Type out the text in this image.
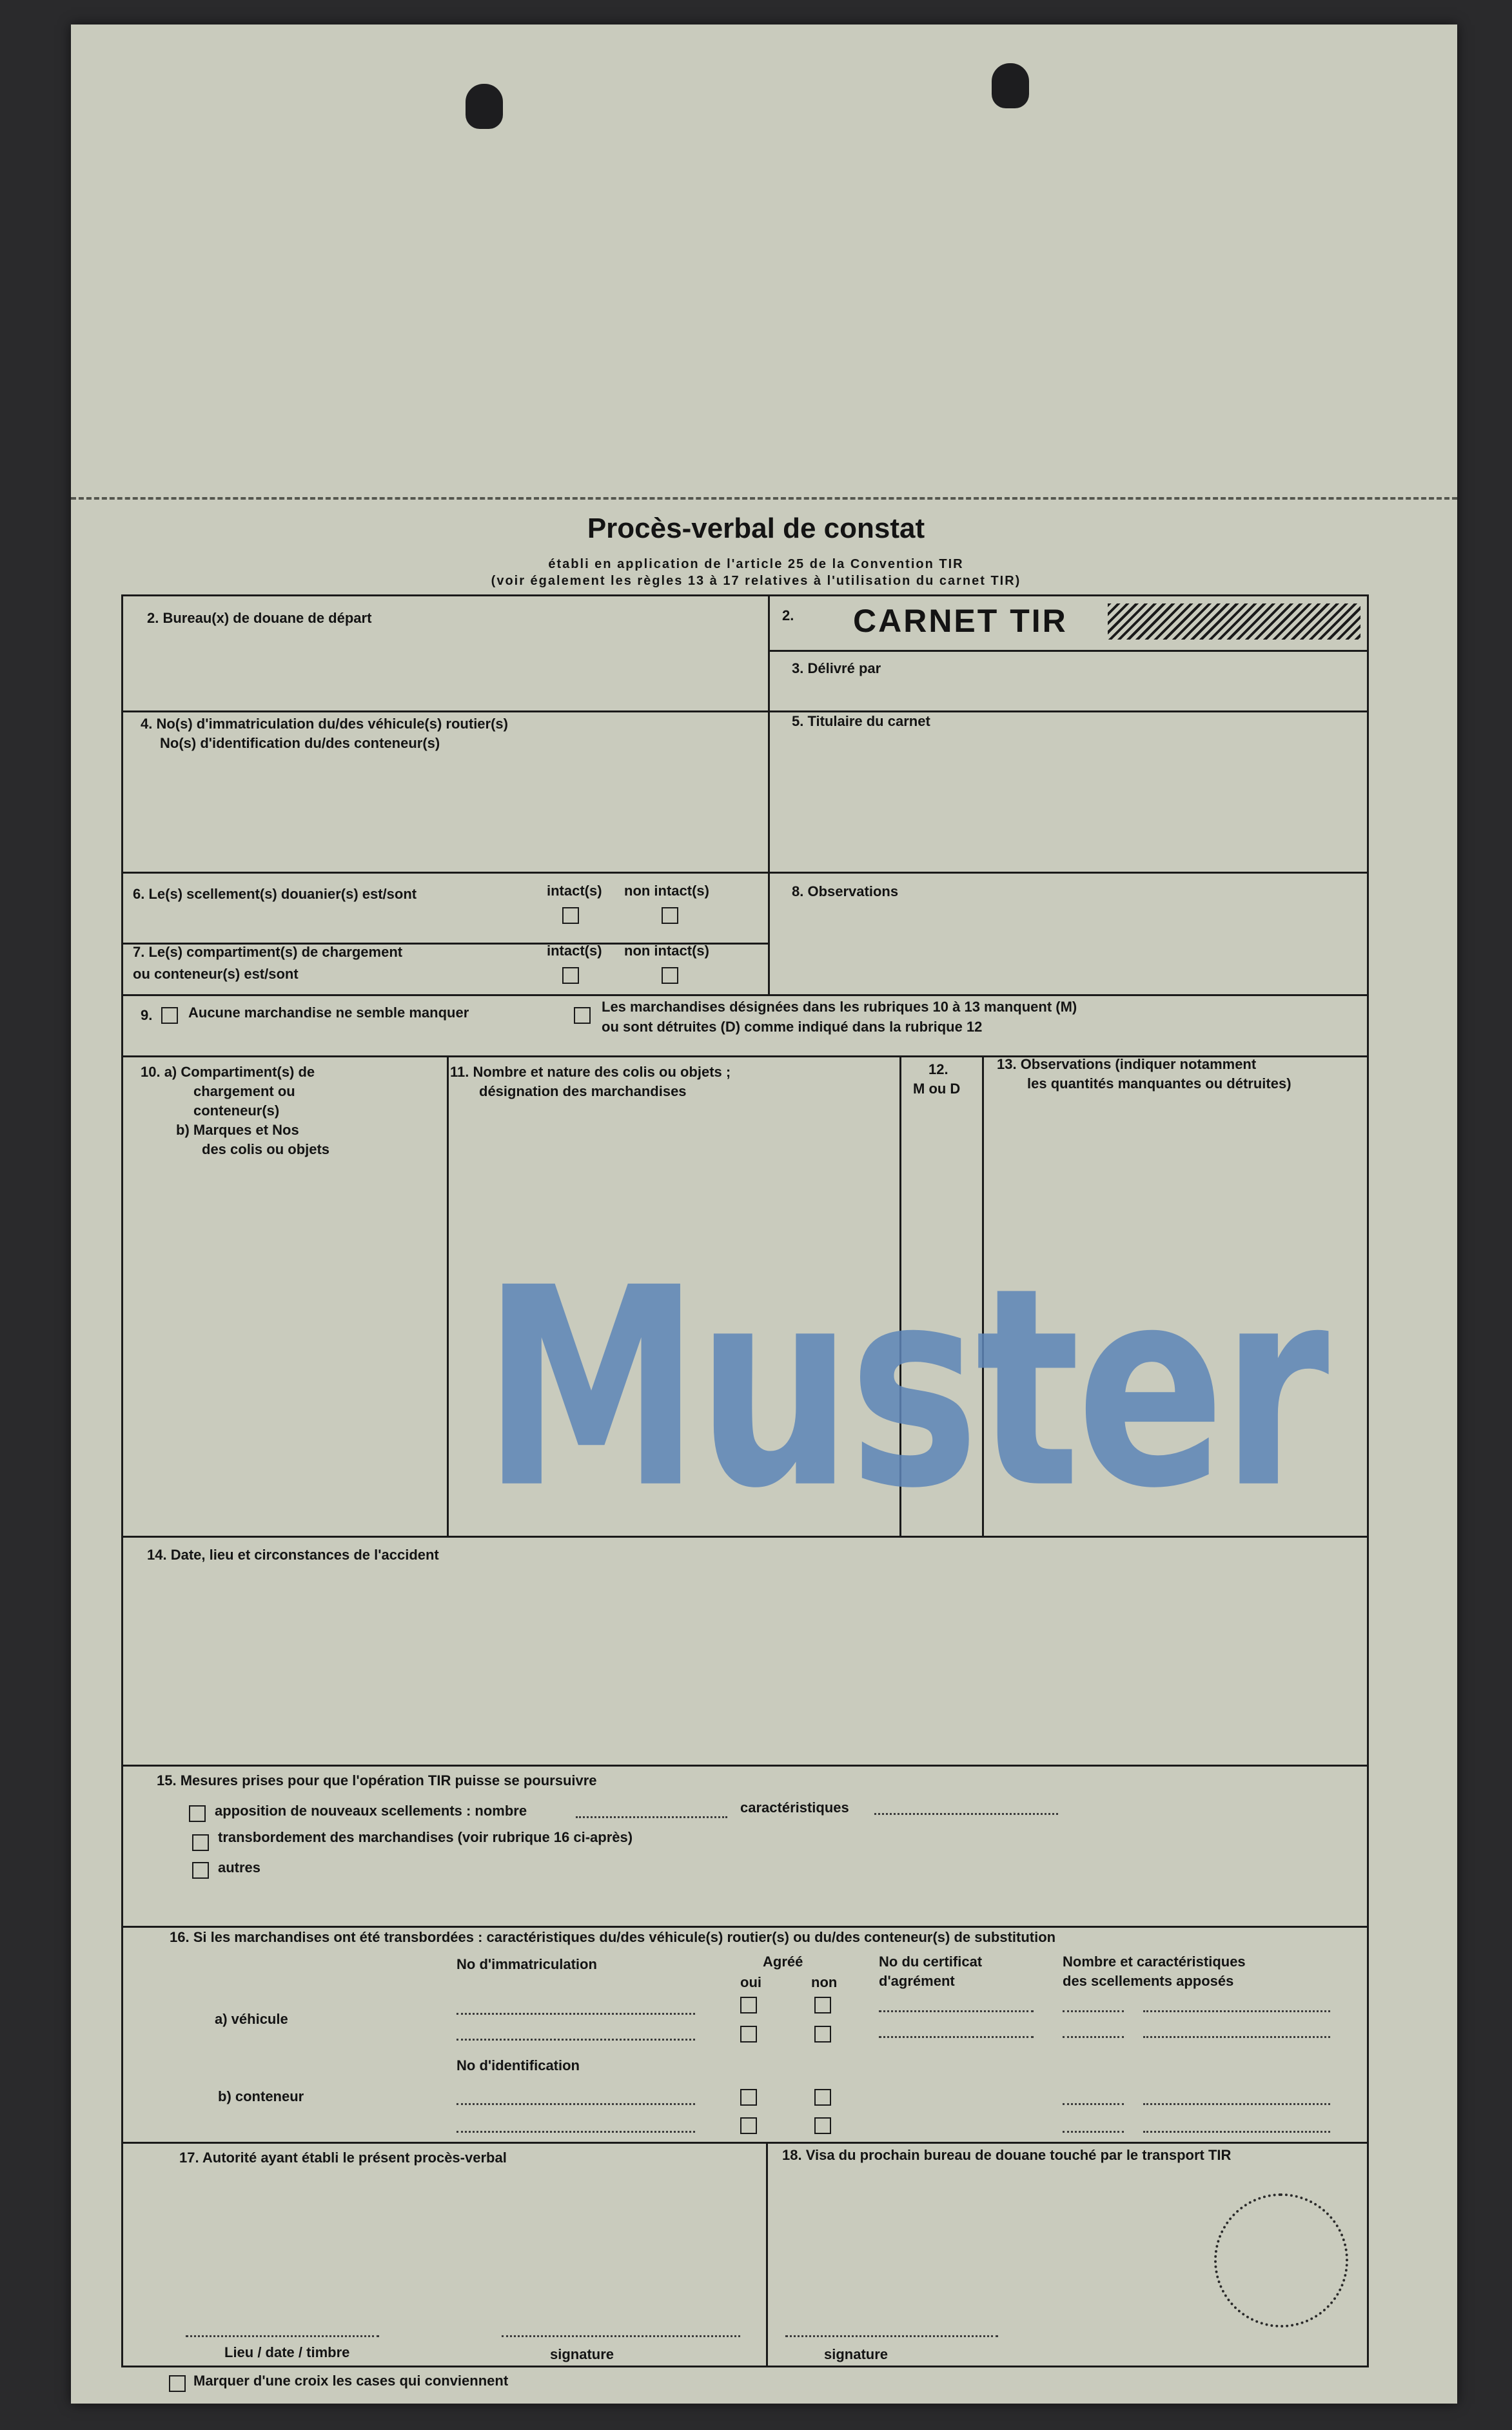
Procès-verbal de constat
établi en application de l'article 25 de la Convention TIR
(voir également les règles 13 à 17 relatives à l'utilisation du carnet TIR)
2. Bureau(x) de douane de départ	2. CARNET TIR
3. Délivré par
4. No(s) d'immatriculation du/des véhicule(s) routier(s)
No(s) d'identification du/des conteneur(s)
5. Titulaire du carnet
6. Le(s) scellement(s) douanier(s) est/sont	intact(s) non intact(s)
7. Le(s) compartiment(s) de chargement
ou conteneur(s) est/sont
intact(s) non intact(s)
8. Observations
9.	Aucune marchandise ne semble manquer	Les marchandises désignées dans les rubriques 10 à 13 manquent (M)
ou sont détruites (D) comme indiqué dans la rubrique 12
10. a) Compartiment(s) de
chargement ou
conteneur(s)
b) Marques et Nos
des colis ou objets
11. Nombre et nature des colis ou objets ;
désignation des marchandises
12.
M ou D
13. Observations (indiquer notamment
les quantités manquantes ou détruites)
Muster
14. Date, lieu et circonstances de l'accident
15. Mesures prises pour que l'opération TIR puisse se poursuivre
apposition de nouveaux scellements : nombre	caractéristiques
transbordement des marchandises (voir rubrique 16 ci-après)
autres
16. Si les marchandises ont été transbordées : caractéristiques du/des véhicule(s) routier(s) ou du/des conteneur(s) de substitution
No d'immatriculation	Agréé
oui	non
No du certificat
d'agrément
Nombre et caractéristiques
des scellements apposés
a) véhicule
No d'identification
b) conteneur
17. Autorité ayant établi le présent procès-verbal
Lieu / date / timbre	signature
18. Visa du prochain bureau de douane touché par le transport TIR
signature
Marquer d'une croix les cases qui conviennent
